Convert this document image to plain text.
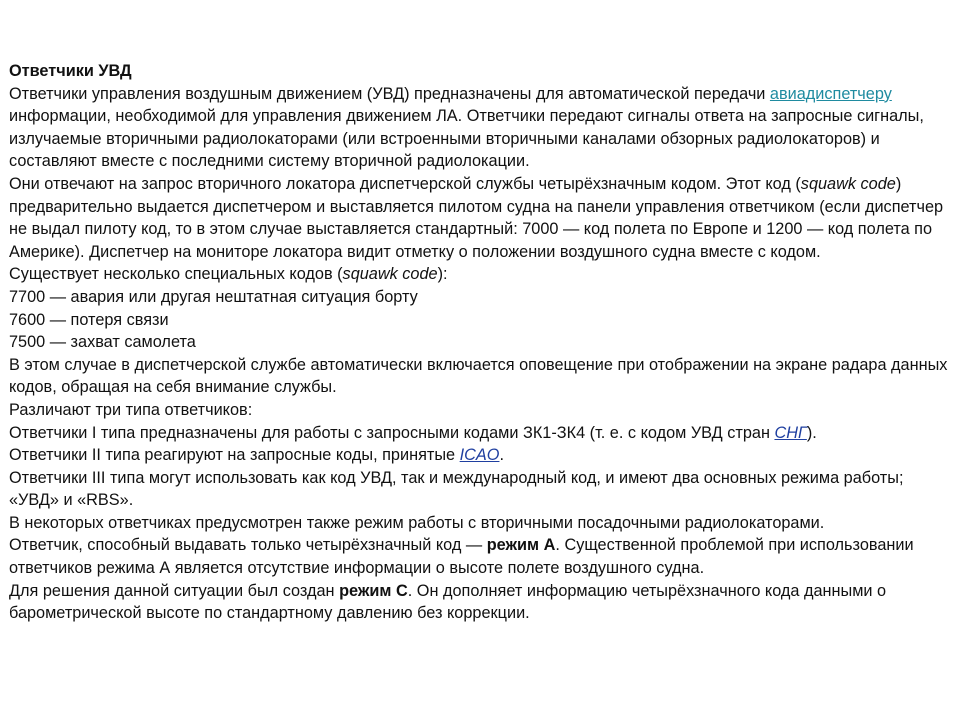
Ответчики УВД

Ответчики управления воздушным движением (УВД) предназначены для автоматической передачи авиадиспетчеру информации, необходимой для управления движением ЛА. Ответчики передают сигналы ответа на запросные сигналы, излучаемые вторичными радиолокаторами (или встроенными вторичными каналами обзорных радиолокаторов) и составляют вместе с последними систему вторичной радиолокации.

Они отвечают на запрос вторичного локатора диспетчерской службы четырёхзначным кодом. Этот код (squawk code) предварительно выдается диспетчером и выставляется пилотом судна на панели управления ответчиком (если диспетчер не выдал пилоту код, то в этом случае выставляется стандартный: 7000 — код полета по Европе и 1200 — код полета по Америке). Диспетчер на мониторе локатора видит отметку о положении воздушного судна вместе с кодом.

Существует несколько специальных кодов (squawk code):

7700 — авария или другая нештатная ситуация борту

7600 — потеря связи

7500 — захват самолета

В этом случае в диспетчерской службе автоматически включается оповещение при отображении на экране радара данных кодов, обращая на себя внимание службы.

Различают три типа ответчиков:

Ответчики I типа предназначены для работы с запросными кодами ЗК1-ЗК4 (т. е. с кодом УВД стран СНГ).

Ответчики II типа реагируют на запросные коды, принятые ICAO.

Ответчики III типа могут использовать как код УВД, так и международный код, и имеют два основных режима работы; «УВД» и «RBS».

В некоторых ответчиках предусмотрен также режим работы с вторичными посадочными радиолокаторами.

Ответчик, способный выдавать только четырёхзначный код — режим А. Существенной проблемой при использовании ответчиков режима А является отсутствие информации о высоте полете воздушного судна.

Для решения данной ситуации был создан режим С. Он дополняет информацию четырёхзначного кода данными о барометрической высоте по стандартному давлению без коррекции.
